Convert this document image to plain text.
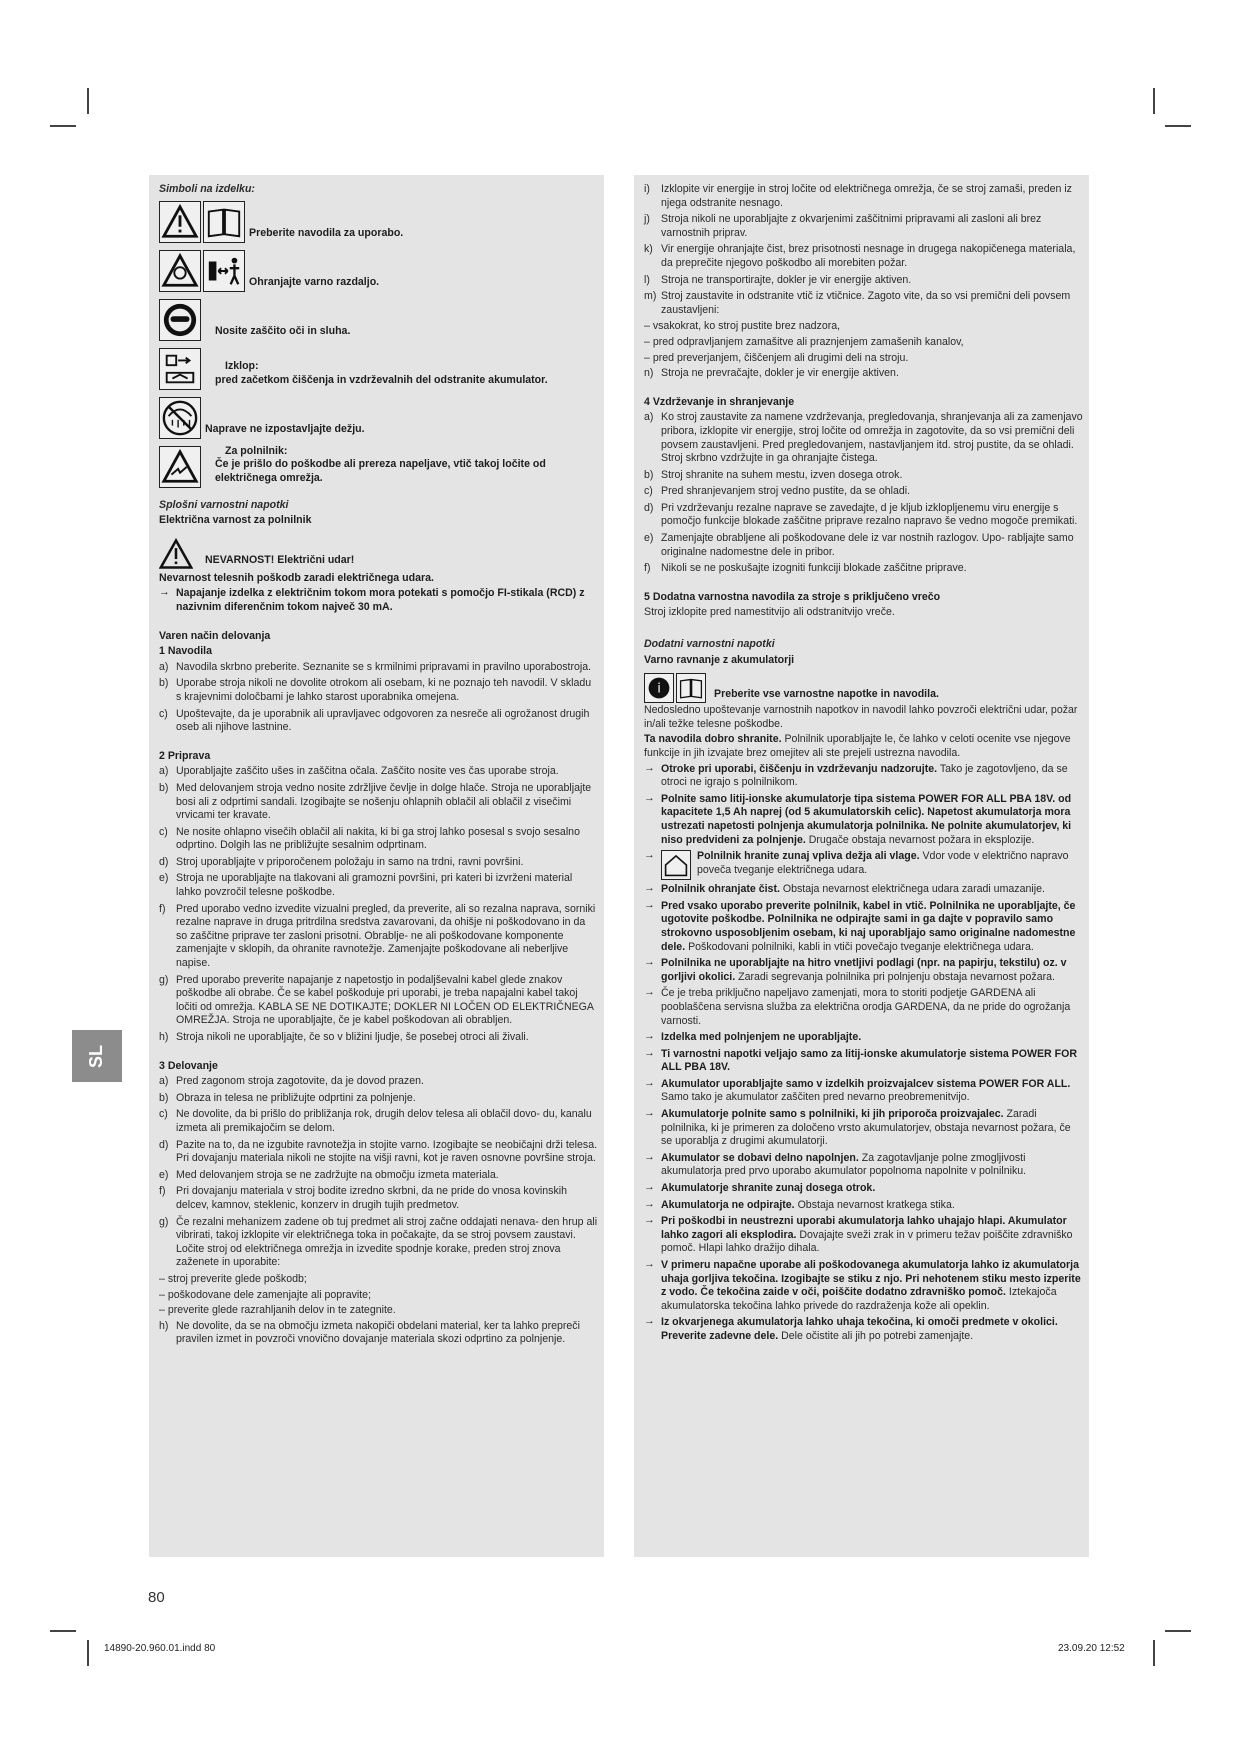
SL

Simboli na izdelku:

Preberite navodila za uporabo.
Ohranjajte varno razdaljo.
Nosite zaščito oči in sluha.
Izklop:
pred začetkom čiščenja in vzdrževalnih del odstranite akumulator.
Naprave ne izpostavljajte dežju.
Za polnilnik:
Če je prišlo do poškodbe ali prereza napeljave, vtič takoj ločite od električnega omrežja.

Splošni varnostni napotki

Električna varnost za polnilnik

NEVARNOST! Električni udar!

Nevarnost telesnih poškodb zaradi električnega udara.

→ Napajanje izdelka z električnim tokom mora potekati s pomočjo FI-stikala (RCD) z nazivnim diferenčnim tokom največ 30 mA.

Varen način delovanja

1 Navodila

a) Navodila skrbno preberite. Seznanite se s krmilnimi pripravami in pravilno uporabostroja.
b) Uporabe stroja nikoli ne dovolite otrokom ali osebam, ki ne poznajo teh navodil. V skladu s krajevnimi določbami je lahko starost uporabnika omejena.
c) Upoštevajte, da je uporabnik ali upravljavec odgovoren za nesreče ali ogrožanost drugih oseb ali njihove lastnine.

2 Priprava

a) Uporabljajte zaščito ušes in zaščitna očala. Zaščito nosite ves čas uporabe stroja.
b) Med delovanjem stroja vedno nosite zdržljive čevlje in dolge hlače. Stroja ne uporabljajte bosi ali z odprtimi sandali. Izogibajte se nošenju ohlapnih oblačil ali oblačil z visečimi vrvicami ter kravate.
c) Ne nosite ohlapno visečih oblačil ali nakita, ki bi ga stroj lahko posesal s svojo sesalno odprtino. Dolgih las ne približujte sesalnim odprtinam.
d) Stroj uporabljajte v priporočenem položaju in samo na trdni, ravni površini.
e) Stroja ne uporabljajte na tlakovani ali gramozni površini, pri kateri bi izvrženi material lahko povzročil telesne poškodbe.
f) Pred uporabo vedno izvedite vizualni pregled, da preverite, ali so rezalna naprava, sorniki rezalne naprave in druga pritrdilna sredstva zavarovani, da ohišje ni poškodovano in da so zaščitne priprave ter zasloni prisotni. Obrablje- ne ali poškodovane komponente zamenjajte v sklopih, da ohranite ravnotežje. Zamenjajte poškodovane ali neberljive napise.
g) Pred uporabo preverite napajanje z napetostjo in podaljševalni kabel glede znakov poškodbe ali obrabe. Če se kabel poškoduje pri uporabi, je treba napajalni kabel takoj ločiti od omrežja. KABLA SE NE DOTIKAJTE; DOKLER NI LOČEN OD ELEKTRIČNEGA OMREŽJA. Stroja ne uporabljajte, če je kabel poškodovan ali obrabljen.
h) Stroja nikoli ne uporabljajte, če so v bližini ljudje, še posebej otroci ali živali.

3 Delovanje

a) Pred zagonom stroja zagotovite, da je dovod prazen.
b) Obraza in telesa ne približujte odprtini za polnjenje.
c) Ne dovolite, da bi prišlo do približanja rok, drugih delov telesa ali oblačil dovo- du, kanalu izmeta ali premikajočim se delom.
d) Pazite na to, da ne izgubite ravnotežja in stojite varno. Izogibajte se neobičajni drži telesa. Pri dovajanju materiala nikoli ne stojite na višji ravni, kot je raven osnovne površine stroja.
e) Med delovanjem stroja se ne zadržujte na območju izmeta materiala.
f) Pri dovajanju materiala v stroj bodite izredno skrbni, da ne pride do vnosa kovinskih delcev, kamnov, steklenic, konzerv in drugih tujih predmetov.
g) Če rezalni mehanizem zadene ob tuj predmet ali stroj začne oddajati nenava- den hrup ali vibrirati, takoj izklopite vir električnega toka in počakajte, da se stroj povsem zaustavi. Ločite stroj od električnega omrežja in izvedite spodnje korake, preden stroj znova zaženete in uporabite:

– stroj preverite glede poškodb;

– poškodovane dele zamenjajte ali popravite;

– preverite glede razrahljanih delov in te zategnite.

h) Ne dovolite, da se na območju izmeta nakopiči obdelani material, ker ta lahko prepreči pravilen izmet in povzroči vnovično dovajanje materiala skozi odprtino za polnjenje.
i) Izklopite vir energije in stroj ločite od električnega omrežja, če se stroj zamaši, preden iz njega odstranite nesnago.
j) Stroja nikoli ne uporabljajte z okvarjenimi zaščitnimi pripravami ali zasloni ali brez varnostnih priprav.
k) Vir energije ohranjajte čist, brez prisotnosti nesnage in drugega nakopičenega materiala, da preprečite njegovo poškodbo ali morebiten požar.
l) Stroja ne transportirajte, dokler je vir energije aktiven.
m) Stroj zaustavite in odstranite vtič iz vtičnice. Zagoto vite, da so vsi premični deli povsem zaustavljeni:

– vsakokrat, ko stroj pustite brez nadzora,

– pred odpravljanjem zamašitve ali praznjenjem zamašenih kanalov,

– pred preverjanjem, čiščenjem ali drugimi deli na stroju.

n) Stroja ne prevračajte, dokler je vir energije aktiven.

4 Vzdrževanje in shranjevanje

a) Ko stroj zaustavite za namene vzdrževanja, pregledovanja, shranjevanja ali za zamenjavo pribora, izklopite vir energije, stroj ločite od omrežja in zagotovite, da so vsi premični deli povsem zaustavljeni. Pred pregledovanjem, nastavljanjem itd. stroj pustite, da se ohladi. Stroj skrbno vzdržujte in ga ohranjajte čistega.
b) Stroj shranite na suhem mestu, izven dosega otrok.
c) Pred shranjevanjem stroj vedno pustite, da se ohladi.
d) Pri vzdrževanju rezalne naprave se zavedajte, d je kljub izklopljenemu viru energije s pomočjo funkcije blokade zaščitne priprave rezalno napravo še vedno mogoče premikati.
e) Zamenjajte obrabljene ali poškodovane dele iz var nostnih razlogov. Upo- rabljajte samo originalne nadomestne dele in pribor.
f) Nikoli se ne poskušajte izogniti funkciji blokade zaščitne priprave.

5 Dodatna varnostna navodila za stroje s priključeno vrečo

Stroj izklopite pred namestitvijo ali odstranitvijo vreče.

Dodatni varnostni napotki

Varno ravnanje z akumulatorji

i	Preberite vse varnostne napotke in navodila.

Nedosledno upoštevanje varnostnih napotkov in navodil lahko povzroči električni udar, požar in/ali težke telesne poškodbe.

Ta navodila dobro shranite. Polnilnik uporabljajte le, če lahko v celoti ocenite vse njegove funkcije in jih izvajate brez omejitev ali ste prejeli ustrezna navodila.

→ Otroke pri uporabi, čiščenju in vzdrževanju nadzorujte. Tako je zagotovljeno, da se otroci ne igrajo s polnilnikom.
→ Polnite samo litij-ionske akumulatorje tipa sistema POWER FOR ALL PBA 18V. od kapacitete 1,5 Ah naprej (od 5 akumulatorskih celic). Napetost akumulatorja mora ustrezati napetosti polnjenja akumulatorja polnilnika. Ne polnite akumulatorjev, ki niso predvideni za polnjenje. Drugače obstaja nevarnost požara in eksplozije.
→	Polnilnik hranite zunaj vpliva dežja ali vlage. Vdor vode v električno napravo poveča tveganje električnega udara.
→ Polnilnik ohranjate čist. Obstaja nevarnost električnega udara zaradi umazanije.
→ Pred vsako uporabo preverite polnilnik, kabel in vtič. Polnilnika ne uporabljajte, če ugotovite poškodbe. Polnilnika ne odpirajte sami in ga dajte v popravilo samo strokovno usposobljenim osebam, ki naj uporabljajo samo originalne nadomestne dele. Poškodovani polnilniki, kabli in vtiči povečajo tveganje električnega udara.
→ Polnilnika ne uporabljajte na hitro vnetljivi podlagi (npr. na papirju, tekstilu) oz. v gorljivi okolici. Zaradi segrevanja polnilnika pri polnjenju obstaja nevarnost požara.
→ Če je treba priključno napeljavo zamenjati, mora to storiti podjetje GARDENA ali pooblaščena servisna služba za električna orodja GARDENA, da ne pride do ogrožanja varnosti.
→ Izdelka med polnjenjem ne uporabljajte.
→ Ti varnostni napotki veljajo samo za litij-ionske akumulatorje sistema POWER FOR ALL PBA 18V.
→ Akumulator uporabljajte samo v izdelkih proizvajalcev sistema POWER FOR ALL. Samo tako je akumulator zaščiten pred nevarno preobremenitvijo.
→ Akumulatorje polnite samo s polnilniki, ki jih priporoča proizvajalec. Zaradi polnilnika, ki je primeren za določeno vrsto akumulatorjev, obstaja nevarnost požara, če se uporablja z drugimi akumulatorji.
→ Akumulator se dobavi delno napolnjen. Za zagotavljanje polne zmogljivosti akumulatorja pred prvo uporabo akumulator popolnoma napolnite v polnilniku.
→ Akumulatorje shranite zunaj dosega otrok.
→ Akumulatorja ne odpirajte. Obstaja nevarnost kratkega stika.
→ Pri poškodbi in neustrezni uporabi akumulatorja lahko uhajajo hlapi. Akumulator lahko zagori ali eksplodira. Dovajajte sveži zrak in v primeru težav poiščite zdravniško pomoč. Hlapi lahko dražijo dihala.
→ V primeru napačne uporabe ali poškodovanega akumulatorja lahko iz akumulatorja uhaja gorljiva tekočina. Izogibajte se stiku z njo. Pri nehotenem stiku mesto izperite z vodo. Če tekočina zaide v oči, poiščite dodatno zdravniško pomoč. Iztekajoča akumulatorska tekočina lahko privede do razdraženja kože ali opeklin.
→ Iz okvarjenega akumulatorja lahko uhaja tekočina, ki omoči predmete v okolici. Preverite zadevne dele. Dele očistite ali jih po potrebi zamenjajte.
80
14890-20.960.01.indd 80	23.09.20 12:52
